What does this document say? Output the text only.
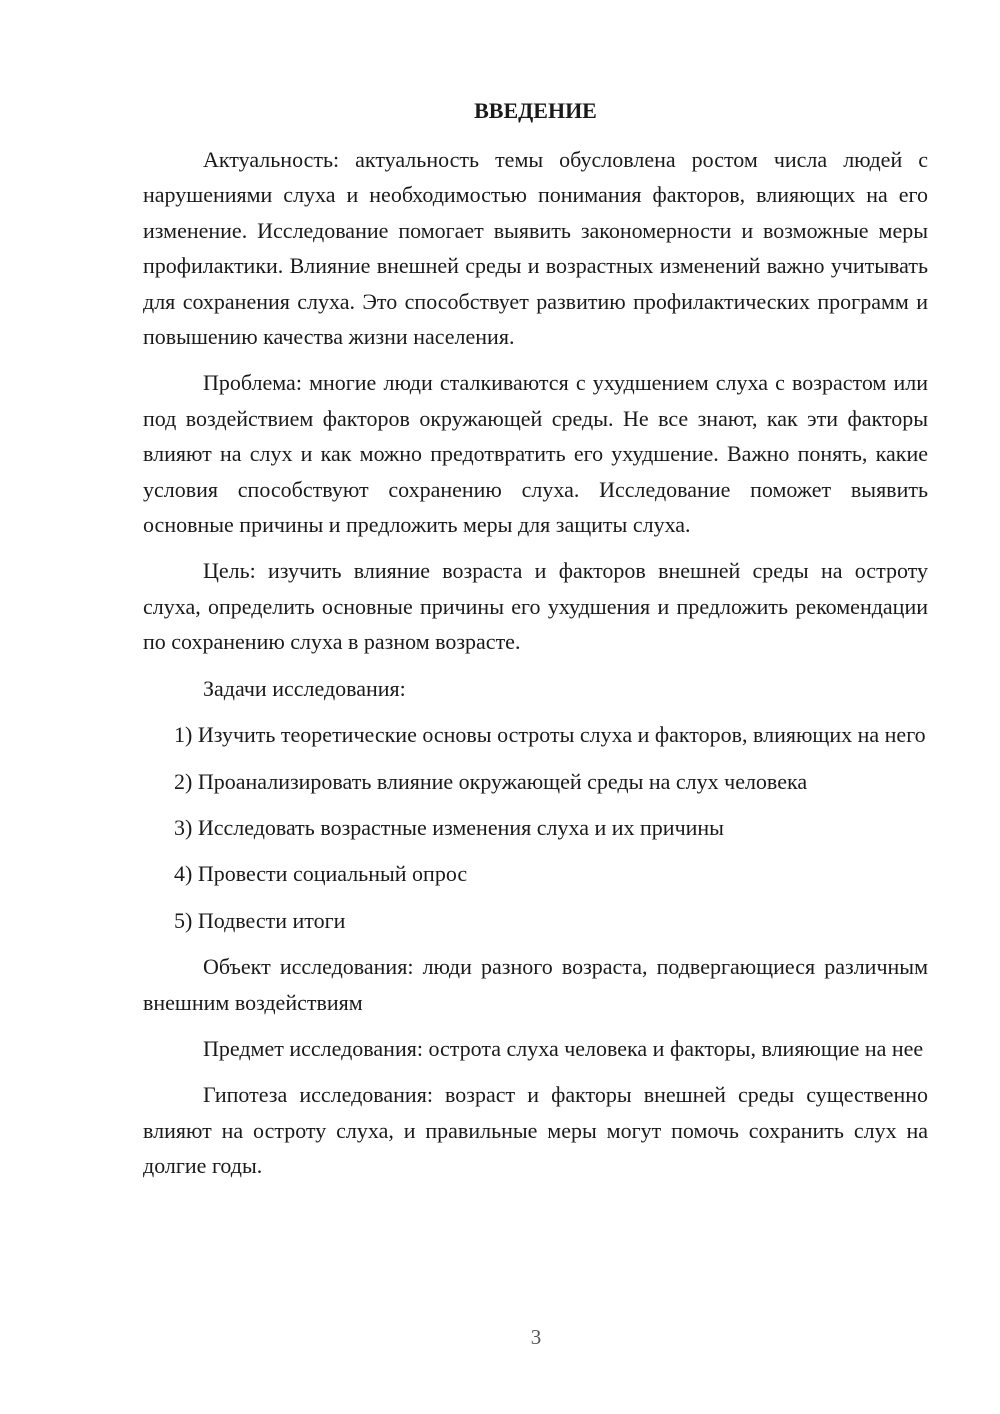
ВВЕДЕНИЕ

Актуальность: актуальность темы обусловлена ростом числа людей с нарушениями слуха и необходимостью понимания факторов, влияющих на его изменение. Исследование помогает выявить закономерности и возможные меры профилактики. Влияние внешней среды и возрастных изменений важно учитывать для сохранения слуха. Это способствует развитию профилактических программ и повышению качества жизни населения.

Проблема: многие люди сталкиваются с ухудшением слуха с возрастом или под воздействием факторов окружающей среды. Не все знают, как эти факторы влияют на слух и как можно предотвратить его ухудшение. Важно понять, какие условия способствуют сохранению слуха. Исследование поможет выявить основные причины и предложить меры для защиты слуха.

Цель: изучить влияние возраста и факторов внешней среды на остроту слуха, определить основные причины его ухудшения и предложить рекомендации по сохранению слуха в разном возрасте.

Задачи исследования:

1) Изучить теоретические основы остроты слуха и факторов, влияющих на него

2) Проанализировать влияние окружающей среды на слух человека

3) Исследовать возрастные изменения слуха и их причины

4) Провести социальный опрос

5) Подвести итоги

Объект исследования: люди разного возраста, подвергающиеся различным внешним воздействиям

Предмет исследования: острота слуха человека и факторы, влияющие на нее

Гипотеза исследования: возраст и факторы внешней среды существенно влияют на остроту слуха, и правильные меры могут помочь сохранить слух на долгие годы.

3
